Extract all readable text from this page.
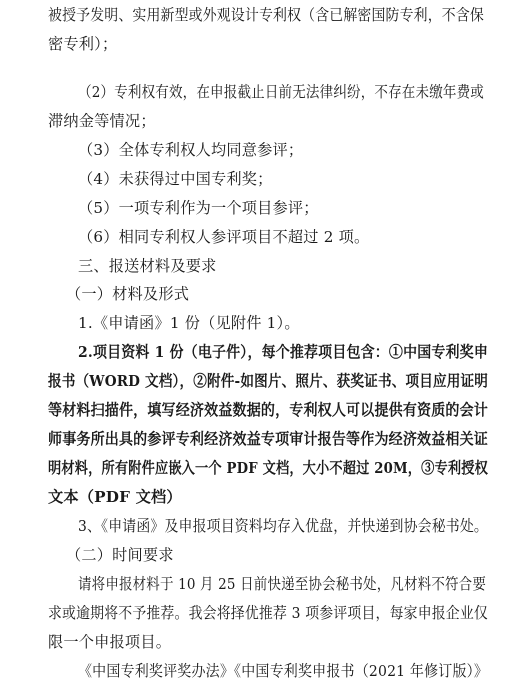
被授予发明、实用新型或外观设计专利权（含已解密国防专利，不含保
密专利）；
（2）专利权有效，在申报截止日前无法律纠纷，不存在未缴年费或
滞纳金等情况；
（3）全体专利权人均同意参评；
（4）未获得过中国专利奖；
（5）一项专利作为一个项目参评；
（6）相同专利权人参评项目不超过 2 项。
三、报送材料及要求
（一）材料及形式
1.《申请函》1 份（见附件 1）。
2.项目资料 1 份（电子件），每个推荐项目包含：①中国专利奖申
报书（WORD 文档），②附件-如图片、照片、获奖证书、项目应用证明
等材料扫描件，填写经济效益数据的，专利权人可以提供有资质的会计
师事务所出具的参评专利经济效益专项审计报告等作为经济效益相关证
明材料，所有附件应嵌入一个 PDF 文档，大小不超过 20M，③专利授权
文本（PDF 文档）
3、《申请函》及申报项目资料均存入优盘，并快递到协会秘书处。
（二）时间要求
请将申报材料于 10 月 25 日前快递至协会秘书处，凡材料不符合要
求或逾期将不予推荐。我会将择优推荐 3 项参评项目，每家申报企业仅
限一个申报项目。
《中国专利奖评奖办法》《中国专利奖申报书（2021 年修订版）》
